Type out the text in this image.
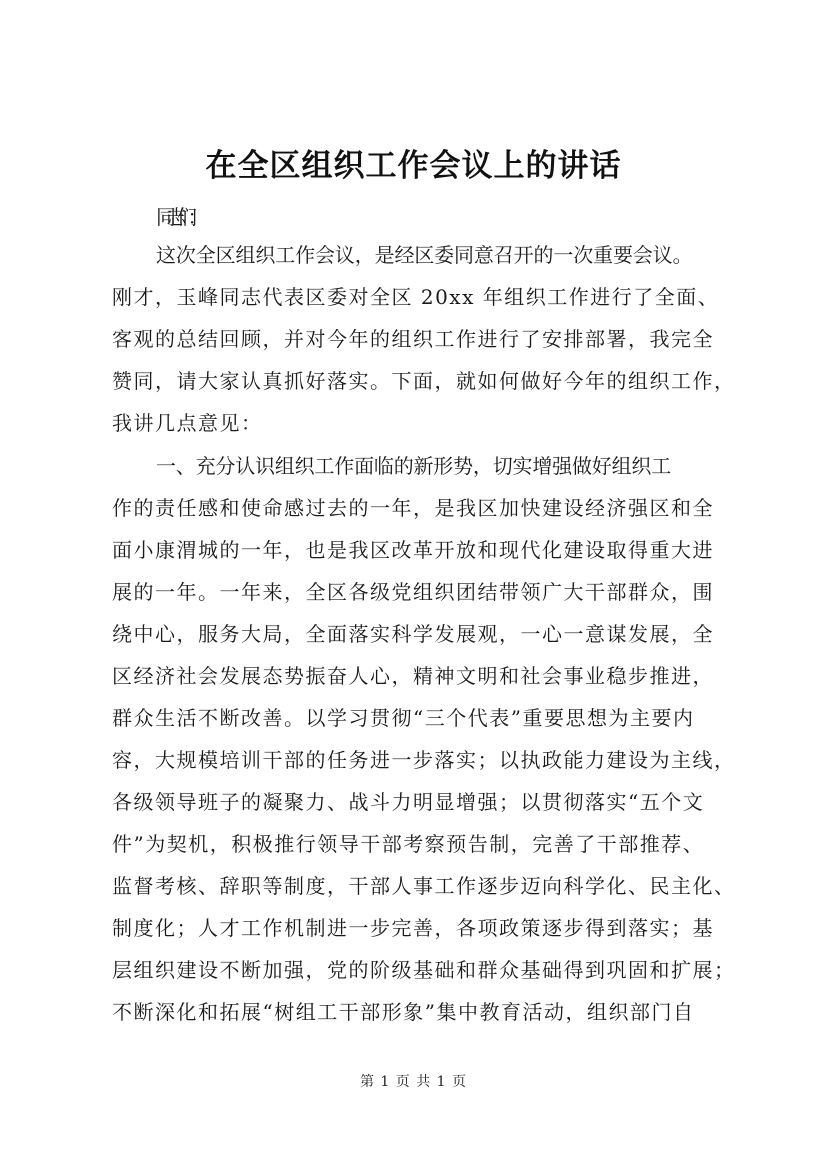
在全区组织工作会议上的讲话
同志们：
这次全区组织工作会议，是经区委同意召开的一次重要会议。
刚才，玉峰同志代表区委对全区 20xx 年组织工作进行了全面、
客观的总结回顾，并对今年的组织工作进行了安排部署，我完全
赞同，请大家认真抓好落实。下面，就如何做好今年的组织工作，
我讲几点意见：
一、充分认识组织工作面临的新形势，切实增强做好组织工
作的责任感和使命感过去的一年，是我区加快建设经济强区和全
面小康渭城的一年，也是我区改革开放和现代化建设取得重大进
展的一年。一年来，全区各级党组织团结带领广大干部群众，围
绕中心，服务大局，全面落实科学发展观，一心一意谋发展，全
区经济社会发展态势振奋人心，精神文明和社会事业稳步推进，
群众生活不断改善。以学习贯彻“三个代表”重要思想为主要内
容，大规模培训干部的任务进一步落实；以执政能力建设为主线，
各级领导班子的凝聚力、战斗力明显增强；以贯彻落实“五个文
件”为契机，积极推行领导干部考察预告制，完善了干部推荐、
监督考核、辞职等制度，干部人事工作逐步迈向科学化、民主化、
制度化；人才工作机制进一步完善，各项政策逐步得到落实；基
层组织建设不断加强，党的阶级基础和群众基础得到巩固和扩展；
不断深化和拓展“树组工干部形象”集中教育活动，组织部门自
第 1 页 共 1 页
